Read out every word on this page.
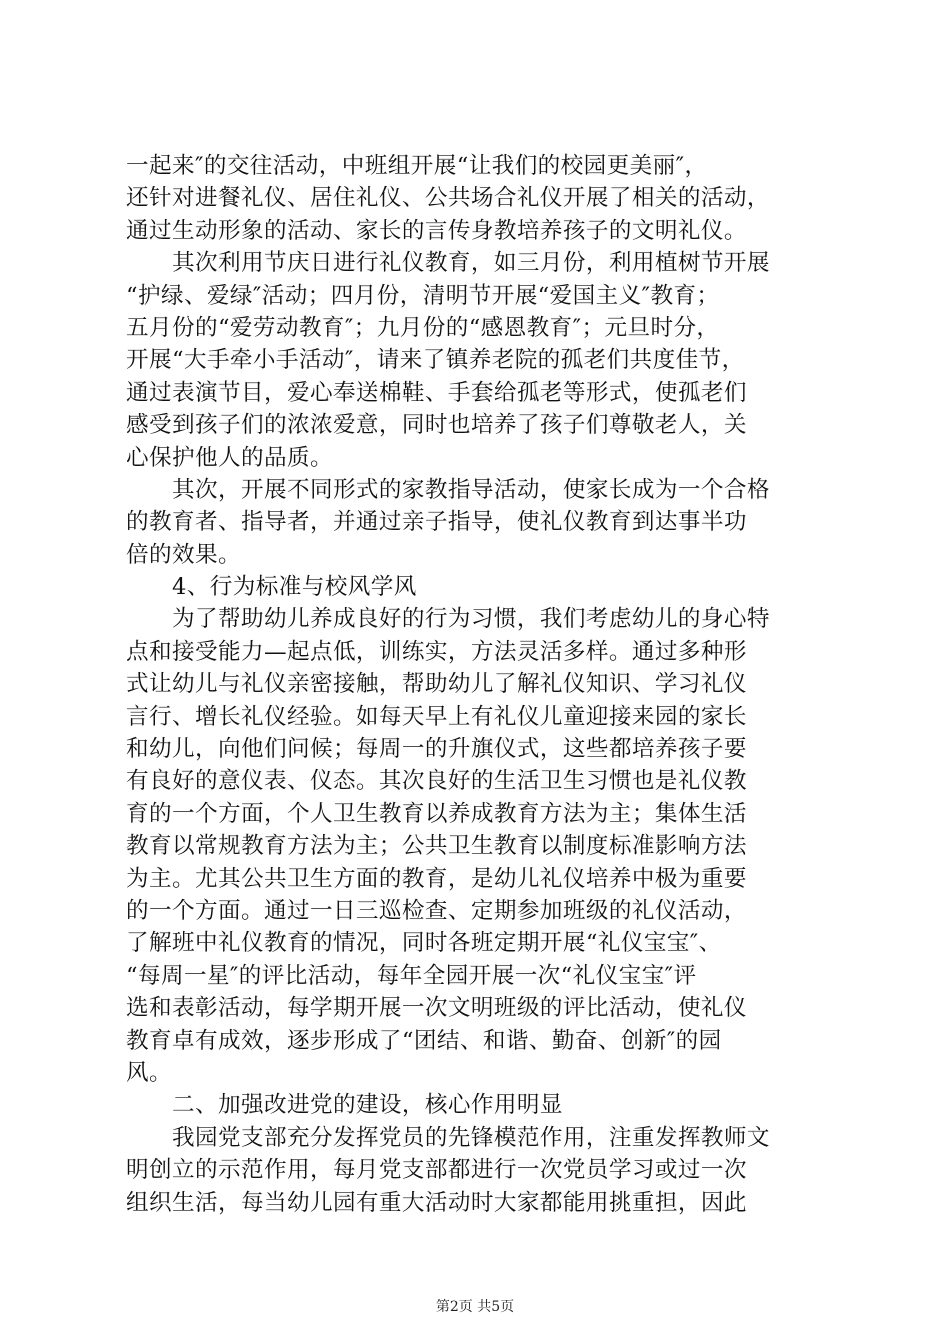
一起来″的交往活动，中班组开展“让我们的校园更美丽″，
还针对进餐礼仪、居住礼仪、公共场合礼仪开展了相关的活动，
通过生动形象的活动、家长的言传身教培养孩子的文明礼仪。
　　其次利用节庆日进行礼仪教育，如三月份，利用植树节开展
“护绿、爱绿″活动；四月份，清明节开展“爱国主义″教育；
五月份的“爱劳动教育″；九月份的“感恩教育″；元旦时分，
开展“大手牵小手活动″，请来了镇养老院的孤老们共度佳节，
通过表演节目，爱心奉送棉鞋、手套给孤老等形式，使孤老们
感受到孩子们的浓浓爱意，同时也培养了孩子们尊敬老人，关
心保护他人的品质。
　　其次，开展不同形式的家教指导活动，使家长成为一个合格
的教育者、指导者，并通过亲子指导，使礼仪教育到达事半功
倍的效果。
　　4、行为标准与校风学风
　　为了帮助幼儿养成良好的行为习惯，我们考虑幼儿的身心特
点和接受能力—起点低，训练实，方法灵活多样。通过多种形
式让幼儿与礼仪亲密接触，帮助幼儿了解礼仪知识、学习礼仪
言行、增长礼仪经验。如每天早上有礼仪儿童迎接来园的家长
和幼儿，向他们问候；每周一的升旗仪式，这些都培养孩子要
有良好的意仪表、仪态。其次良好的生活卫生习惯也是礼仪教
育的一个方面，个人卫生教育以养成教育方法为主；集体生活
教育以常规教育方法为主；公共卫生教育以制度标准影响方法
为主。尤其公共卫生方面的教育，是幼儿礼仪培养中极为重要
的一个方面。通过一日三巡检查、定期参加班级的礼仪活动，
了解班中礼仪教育的情况，同时各班定期开展“礼仪宝宝″、
“每周一星″的评比活动，每年全园开展一次“礼仪宝宝″评
选和表彰活动，每学期开展一次文明班级的评比活动，使礼仪
教育卓有成效，逐步形成了“团结、和谐、勤奋、创新″的园
风。
　　二、加强改进党的建设，核心作用明显
　　我园党支部充分发挥党员的先锋模范作用，注重发挥教师文
明创立的示范作用，每月党支部都进行一次党员学习或过一次
组织生活，每当幼儿园有重大活动时大家都能用挑重担，因此
第2页 共5页
